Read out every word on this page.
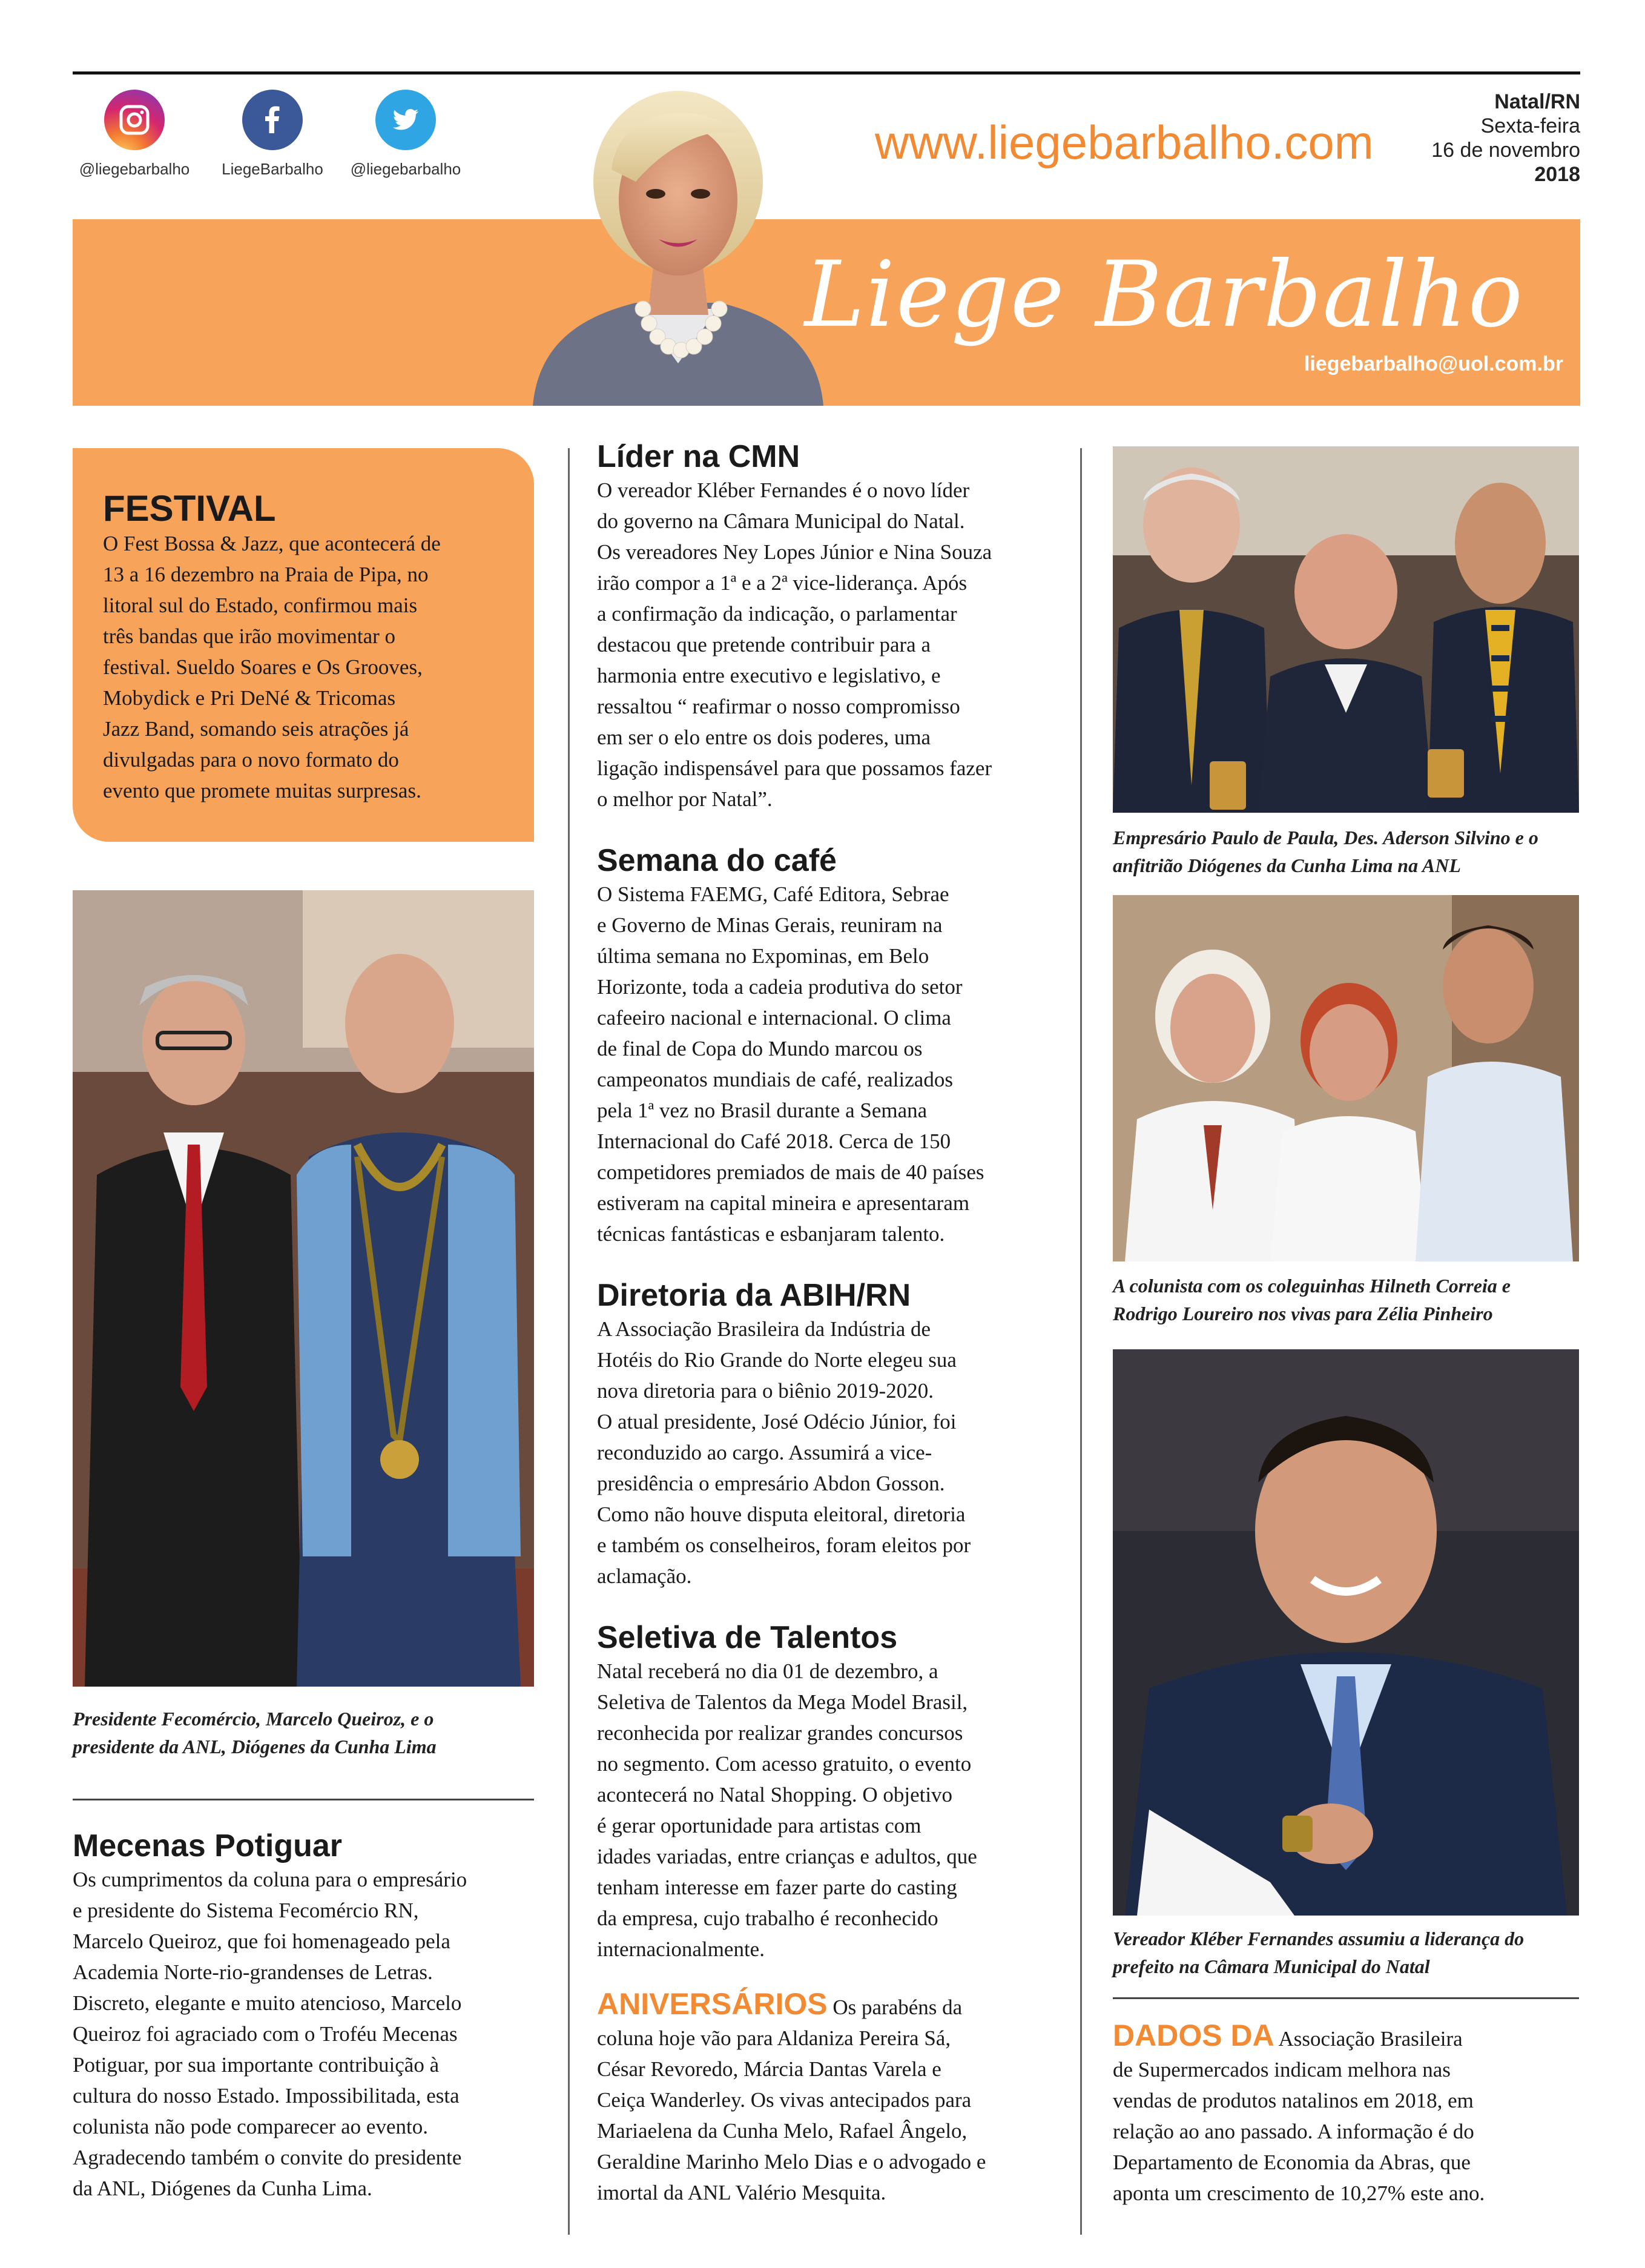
@liegebarbalho	LiegeBarbalho	@liegebarbalho	www.liegebarbalho.com
Natal/RN
Sexta-feira
16 de novembro
2018
Liege Barbalho
liegebarbalho@uol.com.br
FESTIVAL
O Fest Bossa & Jazz, que acontecerá de
13 a 16 dezembro na Praia de Pipa, no
litoral sul do Estado, confirmou mais
três bandas que irão movimentar o
festival. Sueldo Soares e Os Grooves,
Mobydick e Pri DeNé & Tricomas
Jazz Band, somando seis atrações já
divulgadas para o novo formato do
evento que promete muitas surpresas.
Presidente Fecomércio, Marcelo Queiroz, e o
presidente da ANL, Diógenes da Cunha Lima
Mecenas Potiguar
Os cumprimentos da coluna para o empresário
e presidente do Sistema Fecomércio RN,
Marcelo Queiroz, que foi homenageado pela
Academia Norte-rio-grandenses de Letras.
Discreto, elegante e muito atencioso, Marcelo
Queiroz foi agraciado com o Troféu Mecenas
Potiguar, por sua importante contribuição à
cultura do nosso Estado. Impossibilitada, esta
colunista não pode comparecer ao evento.
Agradecendo também o convite do presidente
da ANL, Diógenes da Cunha Lima.
Líder na CMN
O vereador Kléber Fernandes é o novo líder
do governo na Câmara Municipal do Natal.
Os vereadores Ney Lopes Júnior e Nina Souza
irão compor a 1ª e a 2ª vice-liderança. Após
a confirmação da indicação, o parlamentar
destacou que pretende contribuir para a
harmonia entre executivo e legislativo, e
ressaltou “ reafirmar o nosso compromisso
em ser o elo entre os dois poderes, uma
ligação indispensável para que possamos fazer
o melhor por Natal”.
Semana do café
O Sistema FAEMG, Café Editora, Sebrae
e Governo de Minas Gerais, reuniram na
última semana no Expominas, em Belo
Horizonte, toda a cadeia produtiva do setor
cafeeiro nacional e internacional. O clima
de final de Copa do Mundo marcou os
campeonatos mundiais de café, realizados
pela 1ª vez no Brasil durante a Semana
Internacional do Café 2018. Cerca de 150
competidores premiados de mais de 40 países
estiveram na capital mineira e apresentaram
técnicas fantásticas e esbanjaram talento.
Diretoria da ABIH/RN
A Associação Brasileira da Indústria de
Hotéis do Rio Grande do Norte elegeu sua
nova diretoria para o biênio 2019-2020.
O atual presidente, José Odécio Júnior, foi
reconduzido ao cargo. Assumirá a vice-
presidência o empresário Abdon Gosson.
Como não houve disputa eleitoral, diretoria
e também os conselheiros, foram eleitos por
aclamação.
Seletiva de Talentos
Natal receberá no dia 01 de dezembro, a
Seletiva de Talentos da Mega Model Brasil,
reconhecida por realizar grandes concursos
no segmento. Com acesso gratuito, o evento
acontecerá no Natal Shopping. O objetivo
é gerar oportunidade para artistas com
idades variadas, entre crianças e adultos, que
tenham interesse em fazer parte do casting
da empresa, cujo trabalho é reconhecido
internacionalmente.
ANIVERSÁRIOS Os parabéns da
coluna hoje vão para Aldaniza Pereira Sá,
César Revoredo, Márcia Dantas Varela e
Ceiça Wanderley. Os vivas antecipados para
Mariaelena da Cunha Melo, Rafael Ângelo,
Geraldine Marinho Melo Dias e o advogado e
imortal da ANL Valério Mesquita.
Empresário Paulo de Paula, Des. Aderson Silvino e o
anfitrião Diógenes da Cunha Lima na ANL
A colunista com os coleguinhas Hilneth Correia e
Rodrigo Loureiro nos vivas para Zélia Pinheiro
Vereador Kléber Fernandes assumiu a liderança do
prefeito na Câmara Municipal do Natal
DADOS DA Associação Brasileira
de Supermercados indicam melhora nas
vendas de produtos natalinos em 2018, em
relação ao ano passado. A informação é do
Departamento de Economia da Abras, que
aponta um crescimento de 10,27% este ano.
